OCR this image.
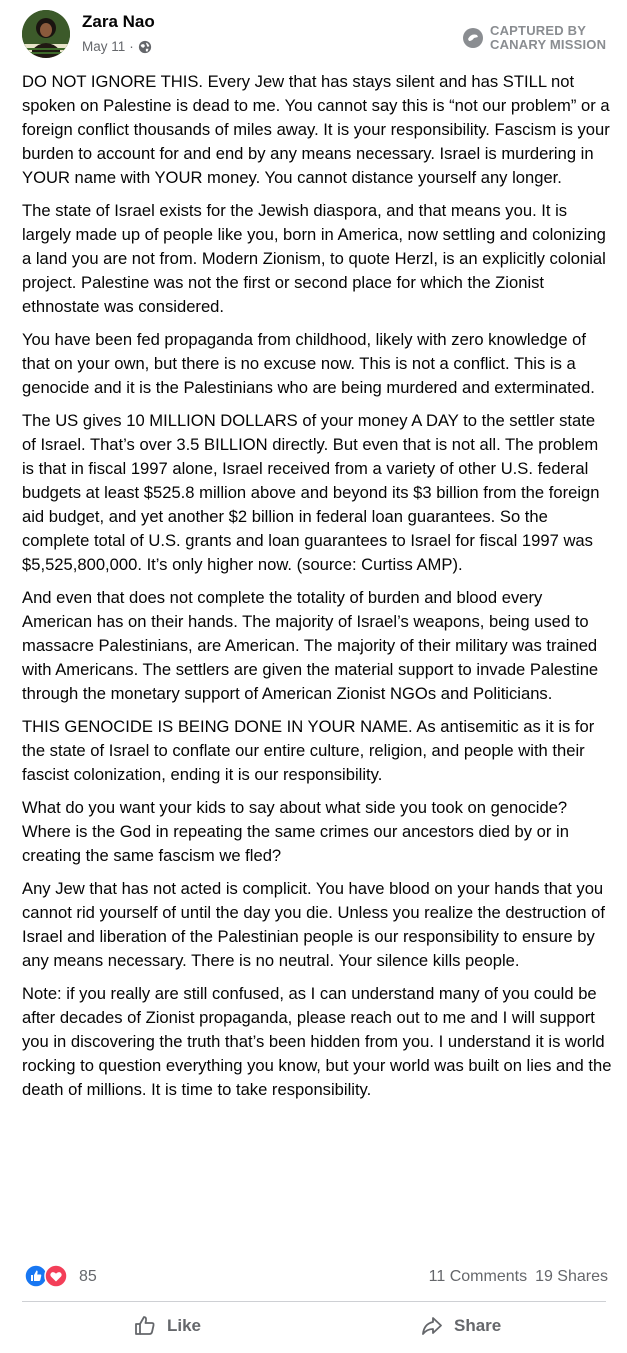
Zara Nao
May 11 ·
CAPTURED BY
CANARY MISSION

DO NOT IGNORE THIS. Every Jew that has stays silent and has STILL not spoken on Palestine is dead to me. You cannot say this is “not our problem” or a foreign conflict thousands of miles away. It is your responsibility. Fascism is your burden to account for and end by any means necessary. Israel is murdering in YOUR name with YOUR money. You cannot distance yourself any longer.

The state of Israel exists for the Jewish diaspora, and that means you. It is largely made up of people like you, born in America, now settling and colonizing a land you are not from. Modern Zionism, to quote Herzl, is an explicitly colonial project. Palestine was not the first or second place for which the Zionist ethnostate was considered.

You have been fed propaganda from childhood, likely with zero knowledge of that on your own, but there is no excuse now. This is not a conflict. This is a genocide and it is the Palestinians who are being murdered and exterminated.

The US gives 10 MILLION DOLLARS of your money A DAY to the settler state of Israel. That’s over 3.5 BILLION directly. But even that is not all. The problem is that in fiscal 1997 alone, Israel received from a variety of other U.S. federal budgets at least $525.8 million above and beyond its $3 billion from the foreign aid budget, and yet another $2 billion in federal loan guarantees. So the complete total of U.S. grants and loan guarantees to Israel for fiscal 1997 was $5,525,800,000. It’s only higher now. (source: Curtiss AMP).

And even that does not complete the totality of burden and blood every American has on their hands. The majority of Israel’s weapons, being used to massacre Palestinians, are American. The majority of their military was trained with Americans. The settlers are given the material support to invade Palestine through the monetary support of American Zionist NGOs and Politicians.

THIS GENOCIDE IS BEING DONE IN YOUR NAME. As antisemitic as it is for the state of Israel to conflate our entire culture, religion, and people with their fascist colonization, ending it is our responsibility.

What do you want your kids to say about what side you took on genocide? Where is the God in repeating the same crimes our ancestors died by or in creating the same fascism we fled?

Any Jew that has not acted is complicit. You have blood on your hands that you cannot rid yourself of until the day you die. Unless you realize the destruction of Israel and liberation of the Palestinian people is our responsibility to ensure by any means necessary. There is no neutral. Your silence kills people.

Note: if you really are still confused, as I can understand many of you could be after decades of Zionist propaganda, please reach out to me and I will support you in discovering the truth that’s been hidden from you. I understand it is world rocking to question everything you know, but your world was built on lies and the death of millions. It is time to take responsibility.

85	11 Comments 19 Shares
Like	Share
